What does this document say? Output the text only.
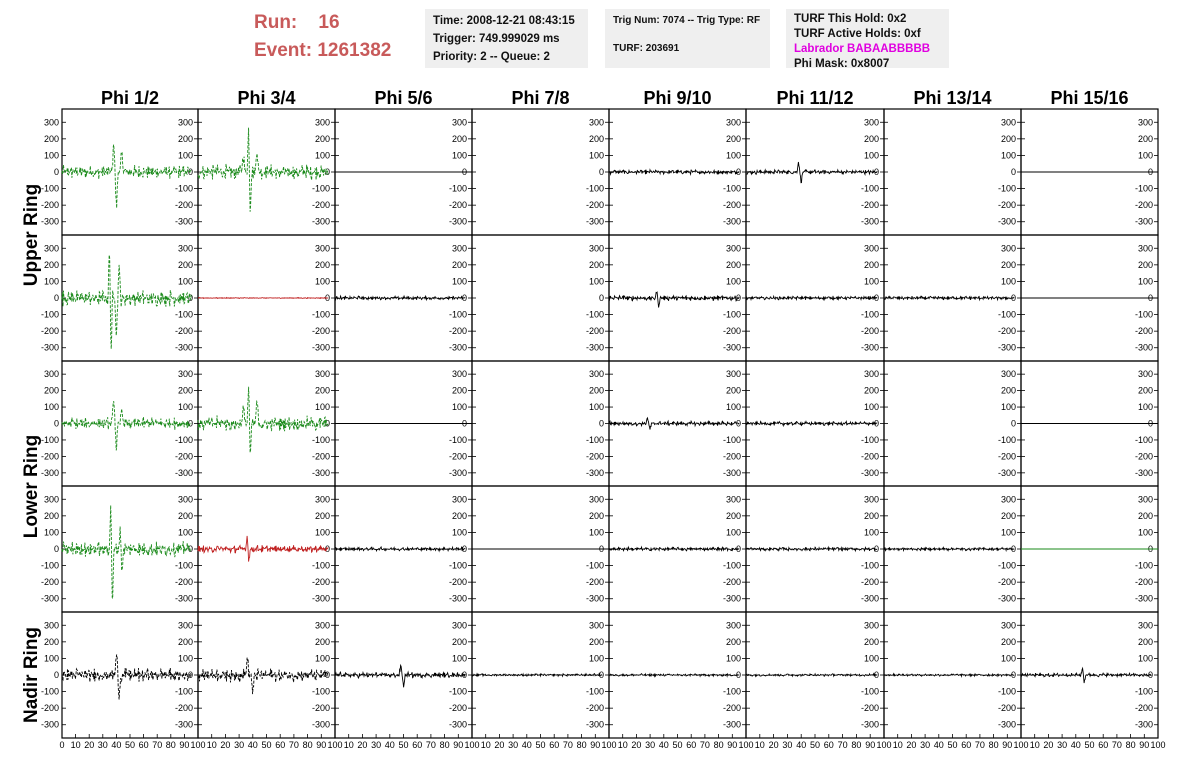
Run: 16
Event: 1261382
Time: 2008-12-21 08:43:15
Trigger: 749.999029 ms
Priority: 2 -- Queue: 2
Trig Num: 7074 -- Trig Type: RF
TURF: 203691
TURF This Hold: 0x2
TURF Active Holds: 0xf
Labrador BABAABBBBB
Phi Mask: 0x8007
Phi 1/2	Phi 3/4	Phi 5/6	Phi 7/8	Phi 9/10	Phi 11/12	Phi 13/14	Phi 15/16
Upper Ring
Lower Ring
Nadir Ring
300	300
200	200
100	100
0	0
-100	-100
-200	-200
-300	-300
300
200
100
0
-100
-200
-300
300
200
100
0
-100
-200
-300
300
200
100
0
-100
-200
-300
300
200
100
0
-100
-200
-300
300
200
100
0
-100
-200
-300
300
200
100
0
-100
-200
-300
300
200
100
0
-100
-200
-300
300	300
200	200
100	100
0	0
-100	-100
-200	-200
-300	-300
300
200
100
0
-100
-200
-300
300
200
100
0
-100
-200
-300
300
200
100
0
-100
-200
-300
300
200
100
0
-100
-200
-300
300
200
100
0
-100
-200
-300
300
200
100
0
-100
-200
-300
300
200
100
0
-100
-200
-300
300	300
200	200
100	100
0	0
-100	-100
-200	-200
-300	-300
300
200
100
0
-100
-200
-300
300
200
100
0
-100
-200
-300
300
200
100
0
-100
-200
-300
300
200
100
0
-100
-200
-300
300
200
100
0
-100
-200
-300
300
200
100
0
-100
-200
-300
300
200
100
0
-100
-200
-300
300	300
200	200
100	100
0	0
-100	-100
-200	-200
-300	-300
300
200
100
0
-100
-200
-300
300
200
100
0
-100
-200
-300
300
200
100
0
-100
-200
-300
300
200
100
0
-100
-200
-300
300
200
100
0
-100
-200
-300
300
200
100
0
-100
-200
-300
300
200
100
0
-100
-200
-300
300	300
200	200
100	100
0	0
-100	-100
-200	-200
-300	-300
0 10 20 30 40 50 60 70 80 90 100
300
200
100
0
-100
-200
-300
10 20 30 40 50 60 70 80 90 100
300
200
100
0
-100
-200
-300
10 20 30 40 50 60 70 80 90 100
300
200
100
0
-100
-200
-300
10 20 30 40 50 60 70 80 90 100
300
200
100
0
-100
-200
-300
10 20 30 40 50 60 70 80 90 100
300
200
100
0
-100
-200
-300
10 20 30 40 50 60 70 80 90 100
300
200
100
0
-100
-200
-300
10 20 30 40 50 60 70 80 90 100
300
200
100
0
-100
-200
-300
10 20 30 40 50 60 70 80 90 100
